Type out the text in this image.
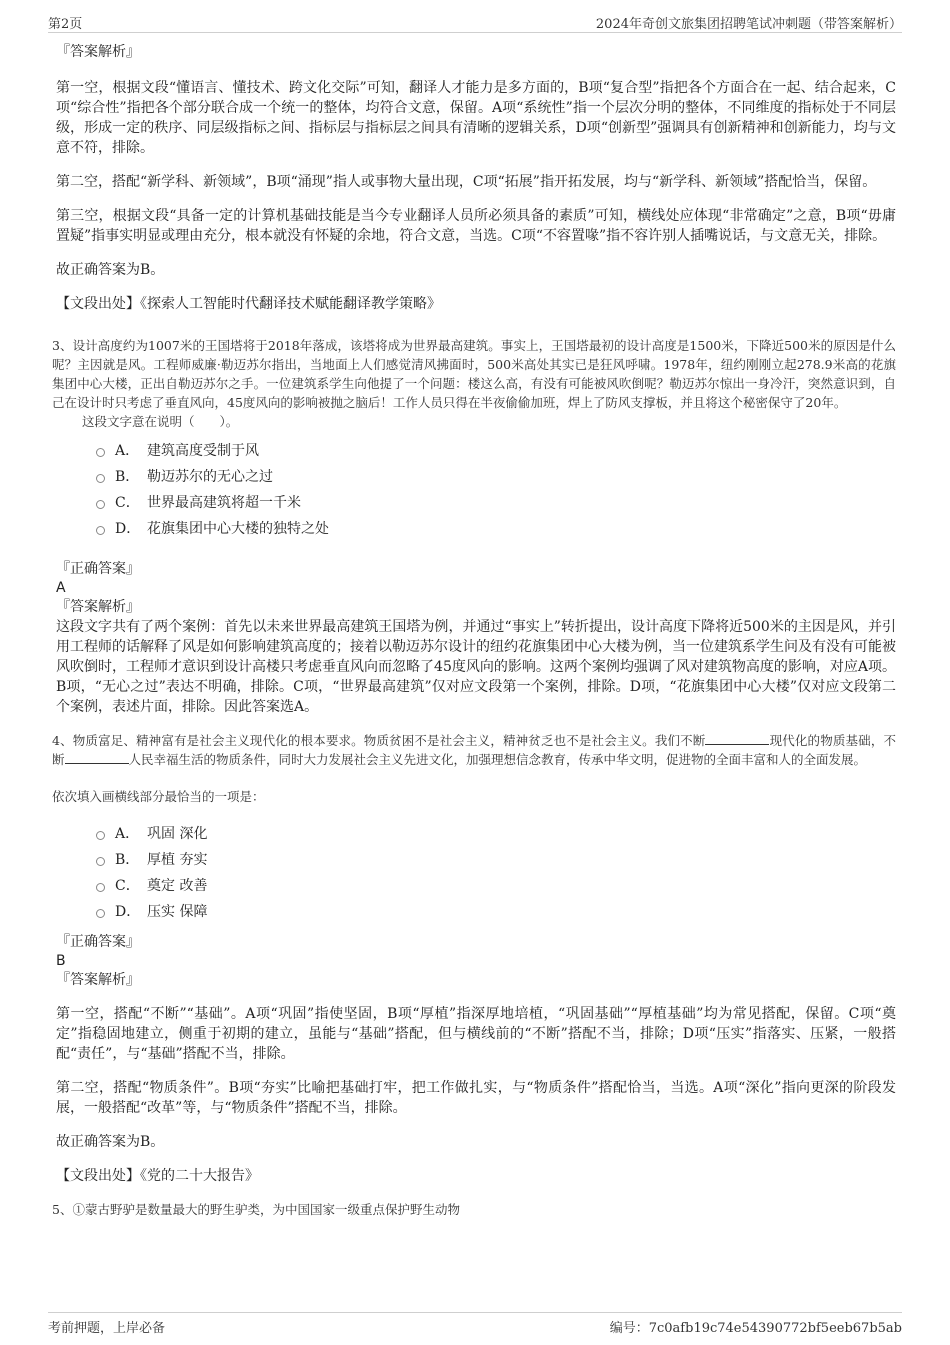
第2页	2024年奇创文旅集团招聘笔试冲刺题（带答案解析）

『答案解析』

第一空，根据文段“懂语言、懂技术、跨文化交际”可知，翻译人才能力是多方面的，B项“复合型”指把各个方面合在一起、结合起来，C项“综合性”指把各个部分联合成一个统一的整体，均符合文意，保留。A项“系统性”指一个层次分明的整体，不同维度的指标处于不同层级，形成一定的秩序、同层级指标之间、指标层与指标层之间具有清晰的逻辑关系，D项“创新型”强调具有创新精神和创新能力，均与文意不符，排除。

第二空，搭配“新学科、新领域”，B项“涌现”指人或事物大量出现，C项“拓展”指开拓发展，均与“新学科、新领域”搭配恰当，保留。

第三空，根据文段“具备一定的计算机基础技能是当今专业翻译人员所必须具备的素质”可知，横线处应体现“非常确定”之意，B项“毋庸置疑”指事实明显或理由充分，根本就没有怀疑的余地，符合文意，当选。C项“不容置喙”指不容许别人插嘴说话，与文意无关，排除。

故正确答案为B。

【文段出处】《探索人工智能时代翻译技术赋能翻译教学策略》

3、设计高度约为1007米的王国塔将于2018年落成，该塔将成为世界最高建筑。事实上，王国塔最初的设计高度是1500米，下降近500米的原因是什么呢？主因就是风。工程师威廉·勒迈苏尔指出，当地面上人们感觉清风拂面时，500米高处其实已是狂风呼啸。1978年，纽约刚刚立起278.9米高的花旗集团中心大楼，正出自勒迈苏尔之手。一位建筑系学生向他提了一个问题：楼这么高，有没有可能被风吹倒呢？勒迈苏尔惊出一身冷汗，突然意识到，自己在设计时只考虑了垂直风向，45度风向的影响被抛之脑后！工作人员只得在半夜偷偷加班，焊上了防风支撑板，并且将这个秘密保守了20年。

这段文字意在说明（　　）。

A． 建筑高度受制于风
B． 勒迈苏尔的无心之过
C． 世界最高建筑将超一千米
D． 花旗集团中心大楼的独特之处

『正确答案』

A

『答案解析』

这段文字共有了两个案例：首先以未来世界最高建筑王国塔为例，并通过“事实上”转折提出，设计高度下降将近500米的主因是风，并引用工程师的话解释了风是如何影响建筑高度的；接着以勒迈苏尔设计的纽约花旗集团中心大楼为例，当一位建筑系学生问及有没有可能被风吹倒时，工程师才意识到设计高楼只考虑垂直风向而忽略了45度风向的影响。这两个案例均强调了风对建筑物高度的影响，对应A项。B项，“无心之过”表达不明确，排除。C项，“世界最高建筑”仅对应文段第一个案例，排除。D项，“花旗集团中心大楼”仅对应文段第二个案例，表述片面，排除。因此答案选A。

4、物质富足、精神富有是社会主义现代化的根本要求。物质贫困不是社会主义，精神贫乏也不是社会主义。我们不断	现代化的物质基础，不断	人民幸福生活的物质条件，同时大力发展社会主义先进文化，加强理想信念教育，传承中华文明，促进物的全面丰富和人的全面发展。

依次填入画横线部分最恰当的一项是：

A． 巩固 深化
B． 厚植 夯实
C． 奠定 改善
D． 压实 保障

『正确答案』

B

『答案解析』

第一空，搭配“不断”“基础”。A项“巩固”指使坚固，B项“厚植”指深厚地培植，“巩固基础”“厚植基础”均为常见搭配，保留。C项“奠定”指稳固地建立，侧重于初期的建立，虽能与“基础”搭配，但与横线前的“不断”搭配不当，排除；D项“压实”指落实、压紧，一般搭配“责任”，与“基础”搭配不当，排除。

第二空，搭配“物质条件”。B项“夯实”比喻把基础打牢，把工作做扎实，与“物质条件”搭配恰当，当选。A项“深化”指向更深的阶段发展，一般搭配“改革”等，与“物质条件”搭配不当，排除。

故正确答案为B。

【文段出处】《党的二十大报告》

5、①蒙古野驴是数量最大的野生驴类，为中国国家一级重点保护野生动物

考前押题，上岸必备	编号：7c0afb19c74e54390772bf5eeb67b5ab
